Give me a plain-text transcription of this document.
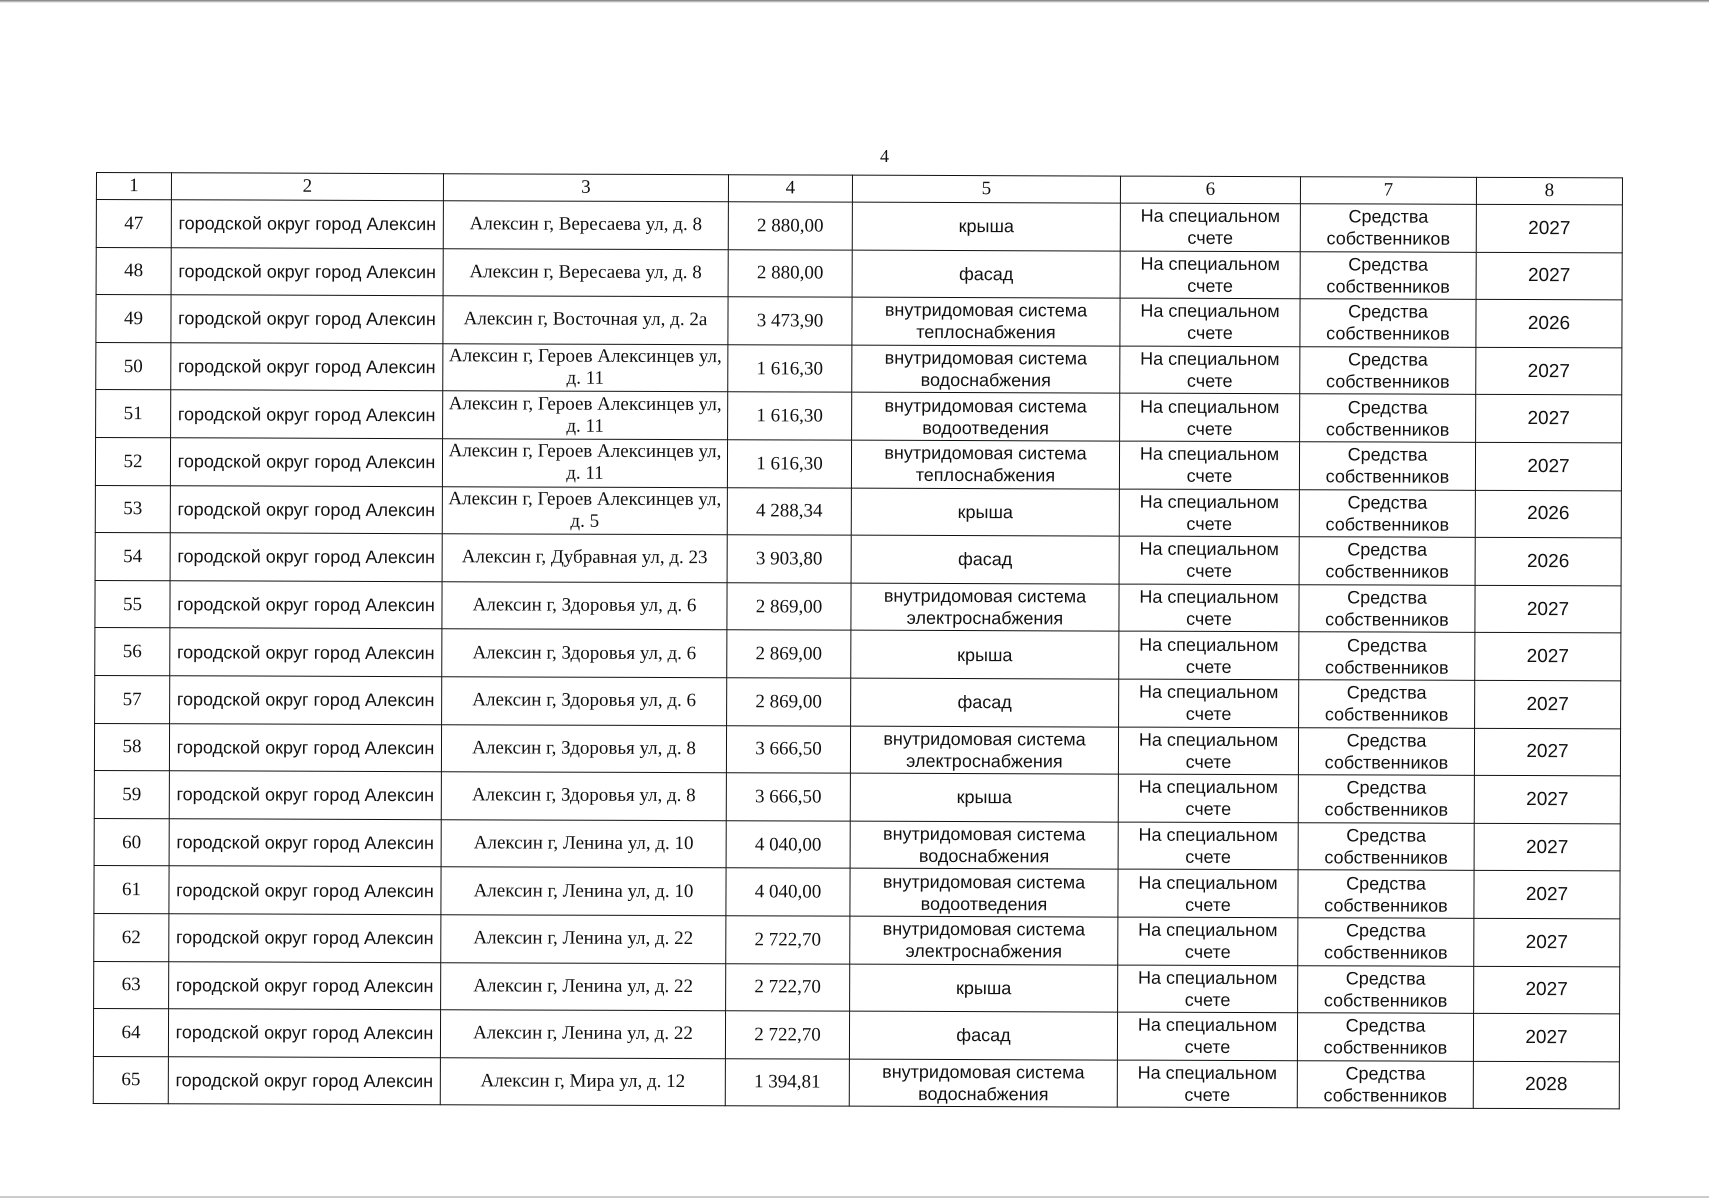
4
1	2	3	4	5	6	7	8
47	городской округ город Алексин	Алексин г, Вересаева ул, д. 8	2 880,00	крыша	На специальном счете	Средства собственников	2027
48	городской округ город Алексин	Алексин г, Вересаева ул, д. 8	2 880,00	фасад	На специальном счете	Средства собственников	2027
49	городской округ город Алексин	Алексин г, Восточная ул, д. 2а	3 473,90	внутридомовая система теплоснабжения	На специальном счете	Средства собственников	2026
50	городской округ город Алексин	Алексин г, Героев Алексинцев ул, д. 11	1 616,30	внутридомовая система водоснабжения	На специальном счете	Средства собственников	2027
51	городской округ город Алексин	Алексин г, Героев Алексинцев ул, д. 11	1 616,30	внутридомовая система водоотведения	На специальном счете	Средства собственников	2027
52	городской округ город Алексин	Алексин г, Героев Алексинцев ул, д. 11	1 616,30	внутридомовая система теплоснабжения	На специальном счете	Средства собственников	2027
53	городской округ город Алексин	Алексин г, Героев Алексинцев ул, д. 5	4 288,34	крыша	На специальном счете	Средства собственников	2026
54	городской округ город Алексин	Алексин г, Дубравная ул, д. 23	3 903,80	фасад	На специальном счете	Средства собственников	2026
55	городской округ город Алексин	Алексин г, Здоровья ул, д. 6	2 869,00	внутридомовая система электроснабжения	На специальном счете	Средства собственников	2027
56	городской округ город Алексин	Алексин г, Здоровья ул, д. 6	2 869,00	крыша	На специальном счете	Средства собственников	2027
57	городской округ город Алексин	Алексин г, Здоровья ул, д. 6	2 869,00	фасад	На специальном счете	Средства собственников	2027
58	городской округ город Алексин	Алексин г, Здоровья ул, д. 8	3 666,50	внутридомовая система электроснабжения	На специальном счете	Средства собственников	2027
59	городской округ город Алексин	Алексин г, Здоровья ул, д. 8	3 666,50	крыша	На специальном счете	Средства собственников	2027
60	городской округ город Алексин	Алексин г, Ленина ул, д. 10	4 040,00	внутридомовая система водоснабжения	На специальном счете	Средства собственников	2027
61	городской округ город Алексин	Алексин г, Ленина ул, д. 10	4 040,00	внутридомовая система водоотведения	На специальном счете	Средства собственников	2027
62	городской округ город Алексин	Алексин г, Ленина ул, д. 22	2 722,70	внутридомовая система электроснабжения	На специальном счете	Средства собственников	2027
63	городской округ город Алексин	Алексин г, Ленина ул, д. 22	2 722,70	крыша	На специальном счете	Средства собственников	2027
64	городской округ город Алексин	Алексин г, Ленина ул, д. 22	2 722,70	фасад	На специальном счете	Средства собственников	2027
65	городской округ город Алексин	Алексин г, Мира ул, д. 12	1 394,81	внутридомовая система водоснабжения	На специальном счете	Средства собственников	2028
